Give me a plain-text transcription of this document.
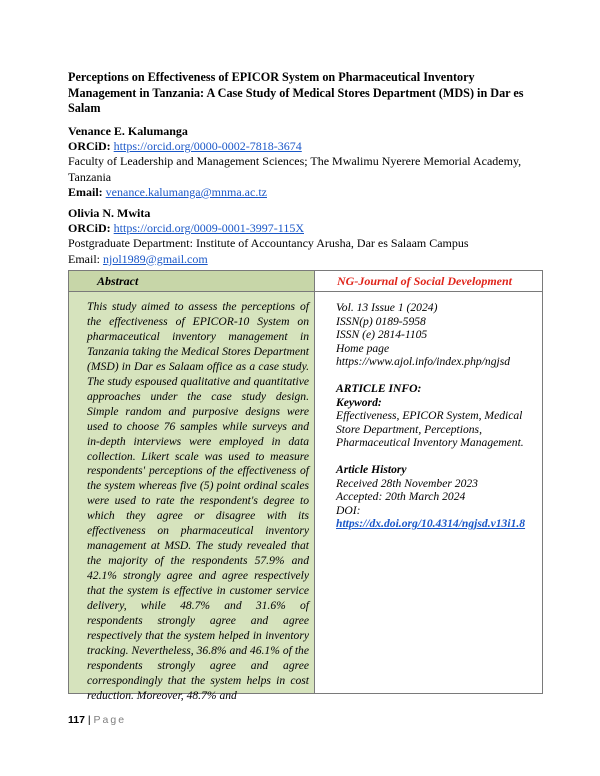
Perceptions on Effectiveness of EPICOR System on Pharmaceutical Inventory Management in Tanzania: A Case Study of Medical Stores Department (MDS) in Dar es Salam
Venance E. Kalumanga
ORCiD: https://orcid.org/0000-0002-7818-3674
Faculty of Leadership and Management Sciences; The Mwalimu Nyerere Memorial Academy,
Tanzania
Email: venance.kalumanga@mnma.ac.tz
Olivia N. Mwita
ORCiD: https://orcid.org/0009-0001-3997-115X
Postgraduate Department: Institute of Accountancy Arusha, Dar es Salaam Campus
Email: njol1989@gmail.com
Abstract
This study aimed to assess the perceptions of the effectiveness of EPICOR-10 System on pharmaceutical inventory management in Tanzania taking the Medical Stores Department (MSD) in Dar es Salaam office as a case study. The study espoused qualitative and quantitative approaches under the case study design. Simple random and purposive designs were used to choose 76 samples while surveys and in-depth interviews were employed in data collection. Likert scale was used to measure respondents' perceptions of the effectiveness of the system whereas five (5) point ordinal scales were used to rate the respondent's degree to which they agree or disagree with its effectiveness on pharmaceutical inventory management at MSD. The study revealed that the majority of the respondents 57.9% and 42.1% strongly agree and agree respectively that the system is effective in customer service delivery, while 48.7% and 31.6% of respondents strongly agree and agree respectively that the system helped in inventory tracking. Nevertheless, 36.8% and 46.1% of the respondents strongly agree and agree correspondingly that the system helps in cost reduction. Moreover, 48.7% and
NG-Journal of Social Development

Vol. 13 Issue 1 (2024)

ISSN(p) 0189-5958

ISSN (e) 2814-1105

Home page

https://www.ajol.info/index.php/ngjsd

ARTICLE INFO:

Keyword:

Effectiveness, EPICOR System, Medical Store Department, Perceptions, Pharmaceutical Inventory Management.

Article History

Received 28th November 2023

Accepted: 20th March 2024

DOI:

https://dx.doi.org/10.4314/ngjsd.v13i1.8

117 | Page
